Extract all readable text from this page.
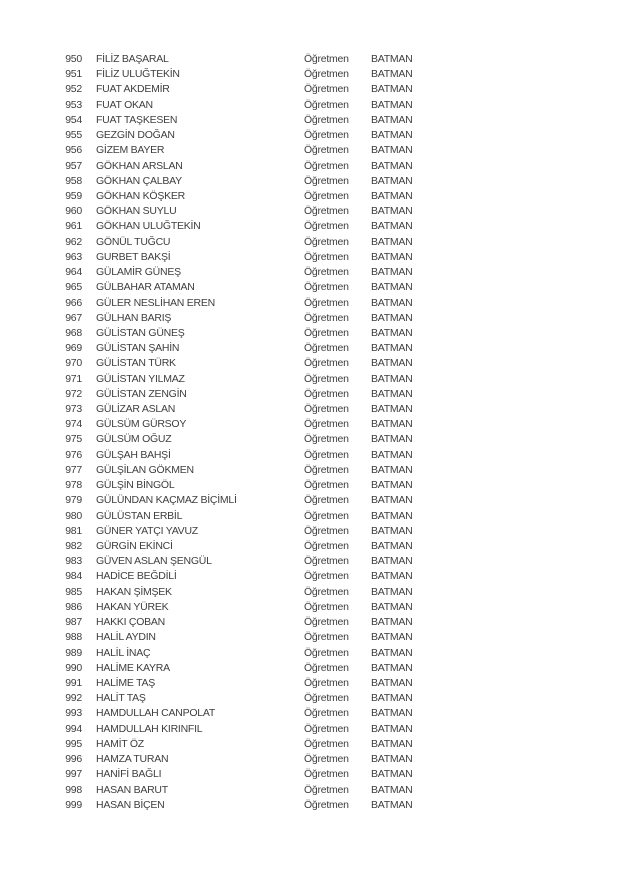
950	FİLİZ BAŞARAL	Öğretmen	BATMAN
951	FİLİZ ULUĞTEKİN	Öğretmen	BATMAN
952	FUAT AKDEMİR	Öğretmen	BATMAN
953	FUAT OKAN	Öğretmen	BATMAN
954	FUAT TAŞKESEN	Öğretmen	BATMAN
955	GEZGİN DOĞAN	Öğretmen	BATMAN
956	GİZEM BAYER	Öğretmen	BATMAN
957	GÖKHAN ARSLAN	Öğretmen	BATMAN
958	GÖKHAN ÇALBAY	Öğretmen	BATMAN
959	GÖKHAN KÖŞKER	Öğretmen	BATMAN
960	GÖKHAN SUYLU	Öğretmen	BATMAN
961	GÖKHAN ULUĞTEKİN	Öğretmen	BATMAN
962	GÖNÜL TUĞCU	Öğretmen	BATMAN
963	GURBET BAKŞİ	Öğretmen	BATMAN
964	GÜLAMİR GÜNEŞ	Öğretmen	BATMAN
965	GÜLBAHAR ATAMAN	Öğretmen	BATMAN
966	GÜLER NESLİHAN EREN	Öğretmen	BATMAN
967	GÜLHAN BARIŞ	Öğretmen	BATMAN
968	GÜLİSTAN GÜNEŞ	Öğretmen	BATMAN
969	GÜLİSTAN ŞAHİN	Öğretmen	BATMAN
970	GÜLİSTAN TÜRK	Öğretmen	BATMAN
971	GÜLİSTAN YILMAZ	Öğretmen	BATMAN
972	GÜLİSTAN ZENGİN	Öğretmen	BATMAN
973	GÜLİZAR ASLAN	Öğretmen	BATMAN
974	GÜLSÜM GÜRSOY	Öğretmen	BATMAN
975	GÜLSÜM OĞUZ	Öğretmen	BATMAN
976	GÜLŞAH BAHŞİ	Öğretmen	BATMAN
977	GÜLŞİLAN GÖKMEN	Öğretmen	BATMAN
978	GÜLŞİN BİNGÖL	Öğretmen	BATMAN
979	GÜLÜNDAN KAÇMAZ BİÇİMLİ	Öğretmen	BATMAN
980	GÜLÜSTAN ERBİL	Öğretmen	BATMAN
981	GÜNER YATÇI YAVUZ	Öğretmen	BATMAN
982	GÜRGİN EKİNCİ	Öğretmen	BATMAN
983	GÜVEN ASLAN ŞENGÜL	Öğretmen	BATMAN
984	HADİCE BEĞDİLİ	Öğretmen	BATMAN
985	HAKAN ŞİMŞEK	Öğretmen	BATMAN
986	HAKAN YÜREK	Öğretmen	BATMAN
987	HAKKI ÇOBAN	Öğretmen	BATMAN
988	HALİL AYDIN	Öğretmen	BATMAN
989	HALİL İNAÇ	Öğretmen	BATMAN
990	HALİME KAYRA	Öğretmen	BATMAN
991	HALİME TAŞ	Öğretmen	BATMAN
992	HALİT TAŞ	Öğretmen	BATMAN
993	HAMDULLAH CANPOLAT	Öğretmen	BATMAN
994	HAMDULLAH KIRINFIL	Öğretmen	BATMAN
995	HAMİT ÖZ	Öğretmen	BATMAN
996	HAMZA TURAN	Öğretmen	BATMAN
997	HANİFİ BAĞLI	Öğretmen	BATMAN
998	HASAN BARUT	Öğretmen	BATMAN
999	HASAN BİÇEN	Öğretmen	BATMAN
